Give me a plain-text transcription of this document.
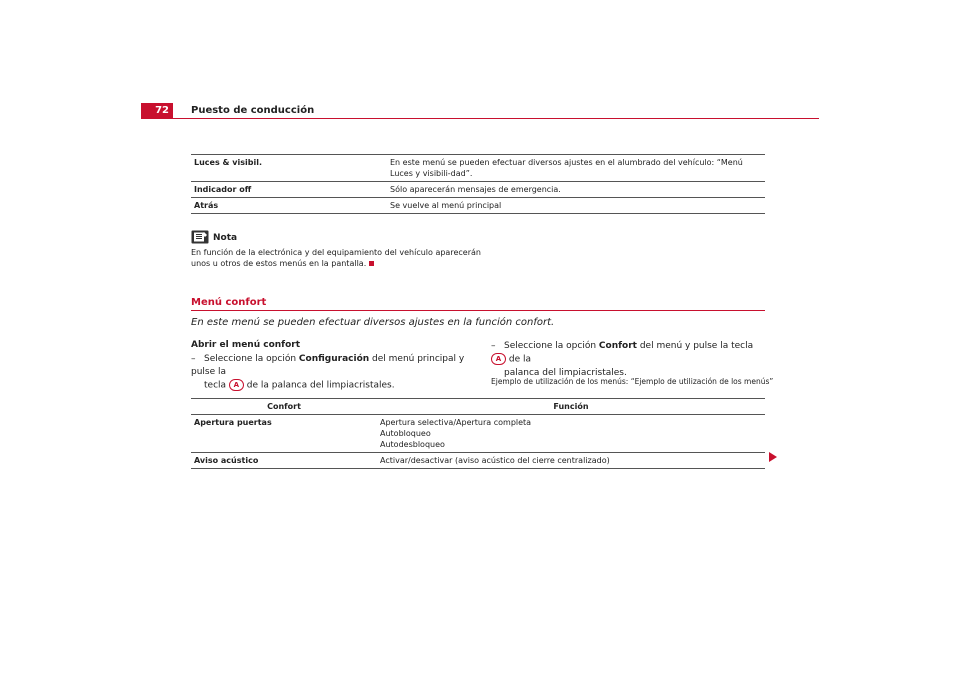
72	Puesto de conducción
Luces & visibil.	En este menú se pueden efectuar diversos ajustes en el alumbrado del vehículo: “Menú Luces y visibili-dad”.
Indicador off	Sólo aparecerán mensajes de emergencia.
Atrás	Se vuelve al menú principal
Nota
En función de la electrónica y del equipamiento del vehículo aparecerán unos u otros de estos menús en la pantalla.
Menú confort
En este menú se pueden efectuar diversos ajustes en la función confort.
Abrir el menú confort
– Seleccione la opción Configuración del menú principal y pulse la
tecla A de la palanca del limpiacristales.
– Seleccione la opción Confort del menú y pulse la tecla A de la
palanca del limpiacristales.
Ejemplo de utilización de los menús: “Ejemplo de utilización de los menús”
Confort	Función
Apertura puertas	Apertura selectiva/Apertura completa
Autobloqueo
Autodesbloqueo

Aviso acústico	Activar/desactivar (aviso acústico del cierre centralizado)
